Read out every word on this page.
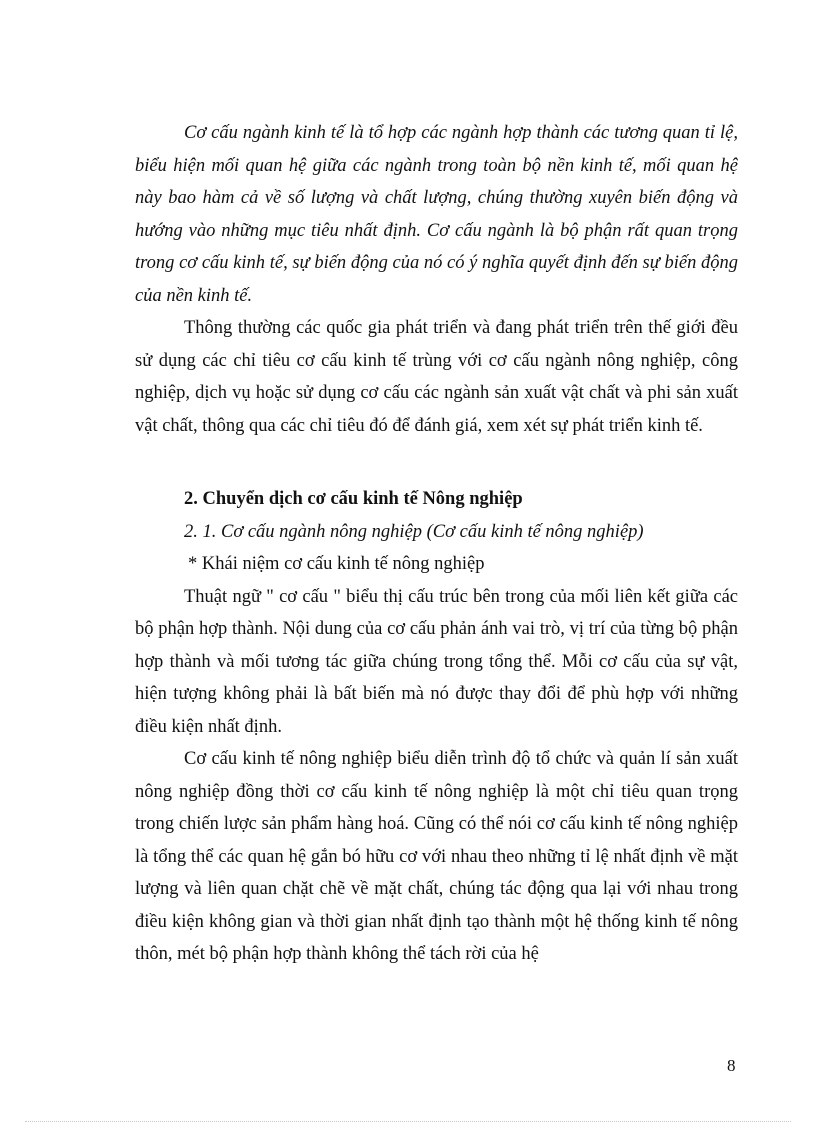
Cơ cấu ngành kinh tế là tổ hợp các ngành hợp thành các tương quan tỉ lệ, biểu hiện mối quan hệ giữa các ngành trong toàn bộ nền kinh tế, mối quan hệ này bao hàm cả về số lượng và chất lượng, chúng thường xuyên biến động và hướng vào những mục tiêu nhất định. Cơ cấu ngành là bộ phận rất quan trọng trong cơ cấu kinh tế, sự biến động của nó có ý nghĩa quyết định đến sự biến động của nền kinh tế.

Thông thường các quốc gia phát triển và đang phát triển trên thế giới đều sử dụng các chỉ tiêu cơ cấu kinh tế trùng với cơ cấu ngành nông nghiệp, công nghiệp, dịch vụ hoặc sử dụng cơ cấu các ngành sản xuất vật chất và phi sản xuất vật chất, thông qua các chỉ tiêu đó để đánh giá, xem xét sự phát triển kinh tế.

2. Chuyển dịch cơ cấu kinh tế Nông nghiệp

2. 1. Cơ cấu ngành nông nghiệp (Cơ cấu kinh tế nông nghiệp)

* Khái niệm cơ cấu kinh tế nông nghiệp

Thuật ngữ " cơ cấu " biểu thị cấu trúc bên trong của mối liên kết giữa các bộ phận hợp thành. Nội dung của cơ cấu phản ánh vai trò, vị trí của từng bộ phận hợp thành và mối tương tác giữa chúng trong tổng thể. Mỗi cơ cấu của sự vật, hiện tượng không phải là bất biến mà nó được thay đổi để phù hợp với những điều kiện nhất định.

Cơ cấu kinh tế nông nghiệp biểu diễn trình độ tổ chức và quản lí sản xuất nông nghiệp đồng thời cơ cấu kinh tế nông nghiệp là một chỉ tiêu quan trọng trong chiến lược sản phẩm hàng hoá. Cũng có thể nói cơ cấu kinh tế nông nghiệp là tổng thể các quan hệ gắn bó hữu cơ với nhau theo những tỉ lệ nhất định về mặt lượng và liên quan chặt chẽ về mặt chất, chúng tác động qua lại với nhau trong điều kiện không gian và thời gian nhất định tạo thành một hệ thống kinh tế nông thôn, mét bộ phận hợp thành không thể tách rời của hệ

8
